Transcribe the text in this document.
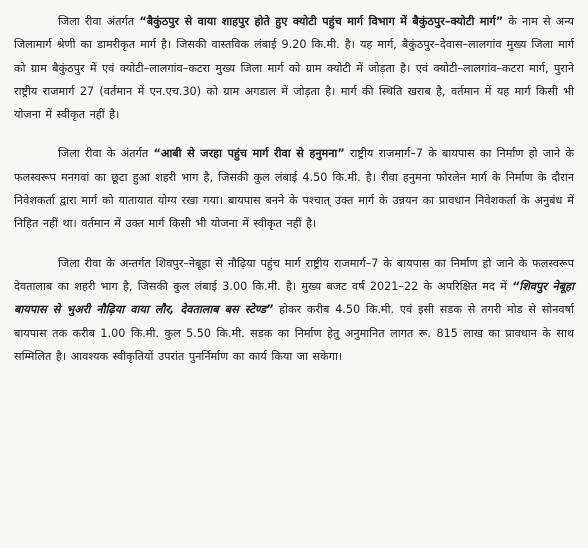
जिला रीवा अंतर्गत “बैकुंठपुर से वाया शाहपुर होते हुए क्योटी पहुंच मार्ग विभाग में बैकुंठपुर–क्योटी मार्ग” के नाम से अन्य जिलामार्ग श्रेणी का डामरीकृत मार्ग है। जिसकी वास्तविक लंबाई 9.20 कि.मी. है। यह मार्ग, बैकुंठपुर–देवास–लालगांव मुख्य जिला मार्ग को ग्राम बैकुंठपुर में एवं क्योटी–लालगांव–कटरा मुख्य जिला मार्ग को ग्राम क्योटी में जोड़ता है। एवं क्योटी–लालगांव–कटरा मार्ग, पुराने राष्ट्रीय राजमार्ग 27 (वर्तमान में एन.एच.30) को ग्राम अगडाल में जोड़ता है। मार्ग की स्थिति खराब है, वर्तमान में यह मार्ग किसी भी योजना में स्वीकृत नहीं है।

जिला रीवा के अंतर्गत “आबी से जरहा पहुंच मार्ग रीवा से हनुमना” राष्ट्रीय राजमार्ग–7 के बायपास का निर्माण हो जाने के फलस्वरूप मनगवां का छूटा हुआ शहरी भाग है, जिसकी कुल लंबाई 4.50 कि.मी. है। रीवा हनुमना फोरलेन मार्ग के निर्माण के दौरान निवेशकर्ता द्वारा मार्ग को यातायात योग्य रखा गया। बायपास बनने के पश्चात् उक्त मार्ग के उन्नयन का प्रावधान निवेशकर्ता के अनुबंध में निहित नहीं था। वर्तमान में उक्त मार्ग किसी भी योजना में स्वीकृत नहीं है।

जिला रीवा के अन्तर्गत शिवपुर–नेबूहा से नौढ़िया पहुंच मार्ग राष्ट्रीय राजमार्ग–7 के बायपास का निर्माण हो जाने के फलस्वरूप देवतालाब का शहरी भाग है, जिसकी कुल लंबाई 3.00 कि.मी. है। मुख्य बजट वर्ष 2021–22 के अपरिक्षित मद में “शिवपुर नेबूहा बायपास से भुअरी नौढ़िया वाया लौर, देवतालाब बस स्टेण्ड” होकर करीब 4.50 कि.मी. एवं इसी सडक से तगरी मोड से सोनवर्षा बायपास तक करीब 1.00 कि.मी. कुल 5.50 कि.मी. सडक का निर्माण हेतु अनुमानित लागत रू. 815 लाख का प्रावधान के साथ सम्मिलित है। आवश्यक स्वीकृतियों उपरांत पुनर्निर्माण का कार्य किया जा सकेगा।
